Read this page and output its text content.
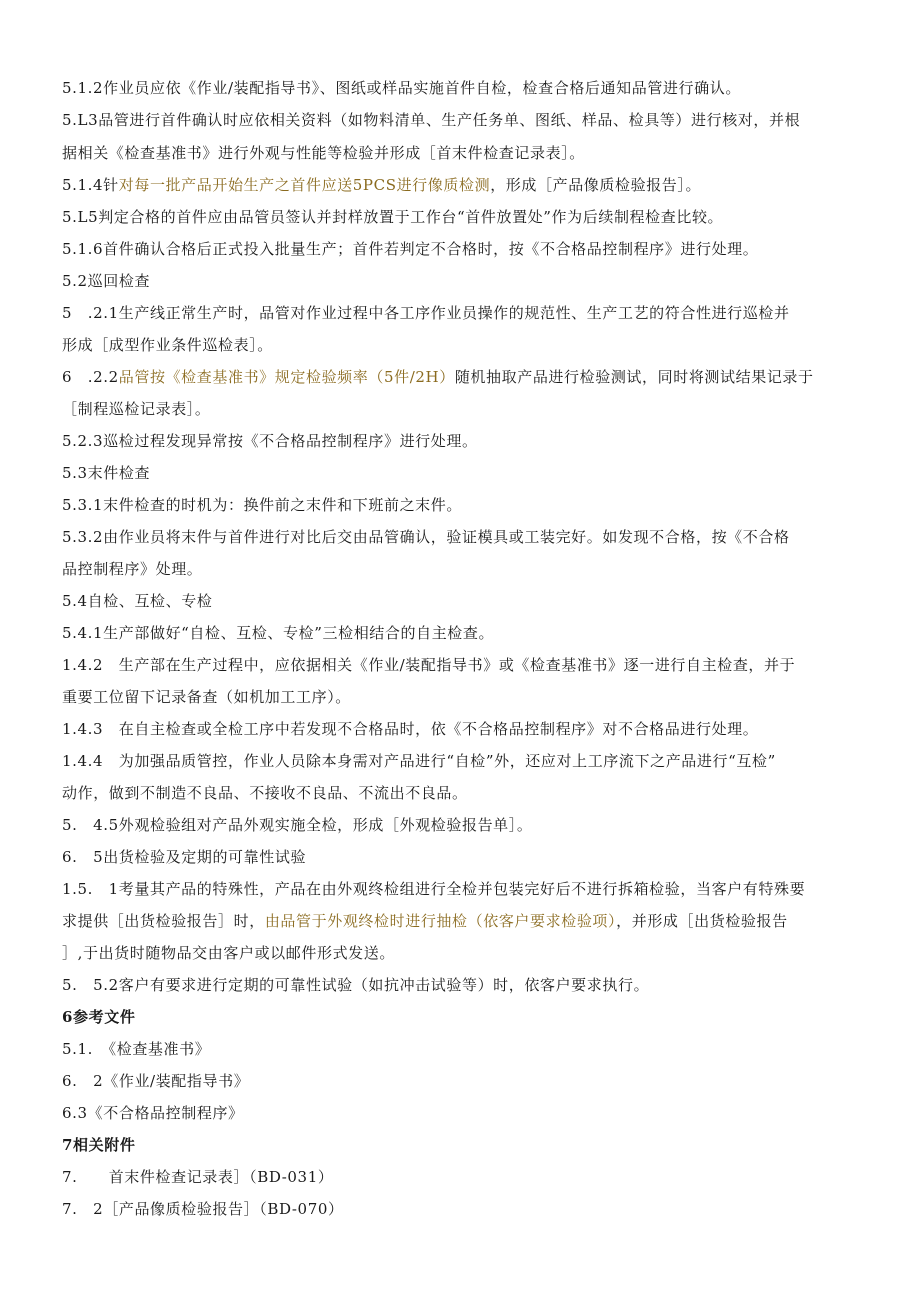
5.1.2作业员应依《作业/装配指导书》、图纸或样品实施首件自检，检查合格后通知品管进行确认。
5.L3品管进行首件确认时应依相关资料（如物料清单、生产任务单、图纸、样品、检具等）进行核对，并根
据相关《检查基准书》进行外观与性能等检验并形成［首末件检查记录表］。
5.1.4针对每一批产品开始生产之首件应送5PCS进行像质检测，形成［产品像质检验报告］。
5.L5判定合格的首件应由品管员签认并封样放置于工作台“首件放置处”作为后续制程检查比较。
5.1.6首件确认合格后正式投入批量生产；首件若判定不合格时，按《不合格品控制程序》进行处理。
5.2巡回检查
5　.2.1生产线正常生产时，品管对作业过程中各工序作业员操作的规范性、生产工艺的符合性进行巡检并
形成［成型作业条件巡检表］。
6　.2.2品管按《检查基准书》规定检验频率（5件/2H）随机抽取产品进行检验测试，同时将测试结果记录于
［制程巡检记录表］。
5.2.3巡检过程发现异常按《不合格品控制程序》进行处理。
5.3末件检查
5.3.1末件检查的时机为：换件前之末件和下班前之末件。
5.3.2由作业员将末件与首件进行对比后交由品管确认，验证模具或工装完好。如发现不合格，按《不合格
品控制程序》处理。
5.4自检、互检、专检
5.4.1生产部做好“自检、互检、专检”三检相结合的自主检查。
1.4.2　生产部在生产过程中，应依据相关《作业/装配指导书》或《检查基准书》逐一进行自主检查，并于
重要工位留下记录备查（如机加工工序）。
1.4.3　在自主检查或全检工序中若发现不合格品时，依《不合格品控制程序》对不合格品进行处理。
1.4.4　为加强品质管控，作业人员除本身需对产品进行“自检”外，还应对上工序流下之产品进行“互检”
动作，做到不制造不良品、不接收不良品、不流出不良品。
5.　4.5外观检验组对产品外观实施全检，形成［外观检验报告单］。
6.　5出货检验及定期的可靠性试验
1.5.　1考量其产品的特殊性，产品在由外观终检组进行全检并包装完好后不进行拆箱检验，当客户有特殊要
求提供［出货检验报告］时，由品管于外观终检时进行抽检（依客户要求检验项），并形成［出货检验报告
］,于出货时随物品交由客户或以邮件形式发送。
5.　5.2客户有要求进行定期的可靠性试验（如抗冲击试验等）时，依客户要求执行。
6参考文件
5.1.　《检查基准书》
6.　2《作业/装配指导书》
6.3《不合格品控制程序》
7相关附件
7.　　首末件检查记录表］（BD-031）
7.　2［产品像质检验报告］（BD-070）
